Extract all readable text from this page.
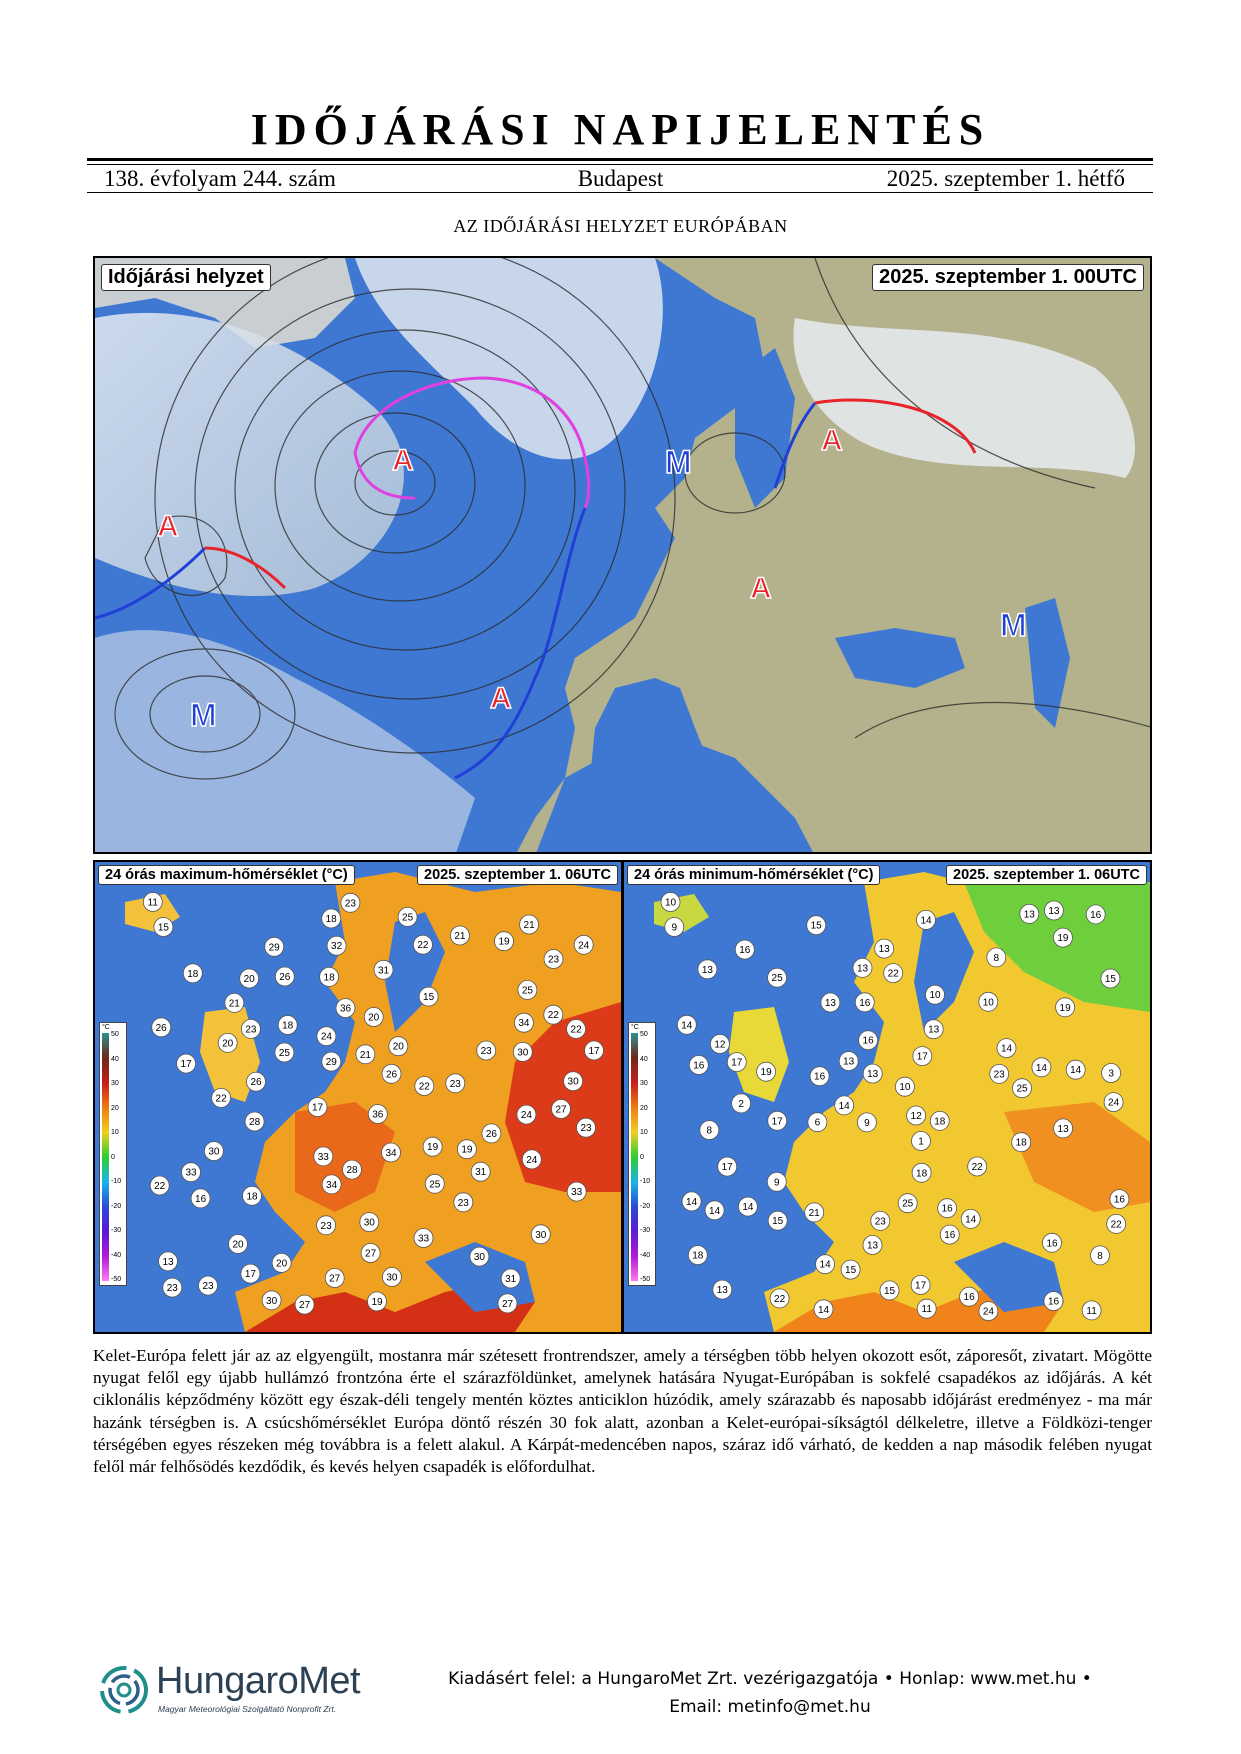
IDŐJÁRÁSI NAPIJELENTÉS
138. évfolyam 244. szám	Budapest	2025. szeptember 1. hétfő
AZ IDŐJÁRÁSI HELYZET EURÓPÁBAN
A
A
A
A
A
M
M
M
Időjárási helyzet	2025. szeptember 1. 00UTC
11
15
17
23
17
15
23
18
20
16
18
13
20
20
19
18
18
17
19
22
23
29
20
21
18
31
30
19
20
25
17
22
23
26
25
24
33
30
19
23
26
26
21
25
33
34
20
23
23
24
27
21
22
24
27
30
28
30
27
23
22
22
30
30
25
24
22
21
27	27
26
23
23
30
29
31
28
33
36
34
26
32
36
31
34
30
33
24 órás maximum-hőmérséklet (°C)	2025. szeptember 1. 06UTC
°C
50
40
30
20
10
0
-10
-20
-30
-40
-50
10
9
8
3
9
1
2
13
10
8
10
10
13
15
6
11
13
13
14
9
17
14
14
12
13
14
16
14 14
13
14
16
15
16
13
14
16
16
15
14
12
13
17
19
14
15
16
16
8
13
21
13
15
17
13
14
17
16
11
18
16
16
16
18
16
18
23
13
22
14
19
25	22
23
19
17
24
18
25
22
24
25
22
24 órás minimum-hőmérséklet (°C)	2025. szeptember 1. 06UTC
°C
50
40
30
20
10
0
-10
-20
-30
-40
-50
Kelet-Európa felett jár az az elgyengült, mostanra már szétesett frontrendszer, amely a térségben több helyen okozott esőt, záporesőt, zivatart. Mögötte nyugat felől egy újabb hullámzó frontzóna érte el szárazföldünket, amelynek hatására Nyugat-Európában is sokfelé csapadékos az időjárás. A két ciklonális képződmény között egy észak-déli tengely mentén köztes anticiklon húzódik, amely szárazabb és naposabb időjárást eredményez - ma már hazánk térségben is. A csúcshőmérséklet Európa döntő részén 30 fok alatt, azonban a Kelet-európai-síkságtól délkeletre, illetve a Földközi-tenger térségében egyes részeken még továbbra is a felett alakul. A Kárpát-medencében napos, száraz idő várható, de kedden a nap második felében nyugat felől már felhősödés kezdődik, és kevés helyen csapadék is előfordulhat.
HungaroMet
Magyar Meteorológiai Szolgáltató Nonprofit Zrt.
Kiadásért felel: a HungaroMet Zrt. vezérigazgatója • Honlap: www.met.hu •
Email: metinfo@met.hu
